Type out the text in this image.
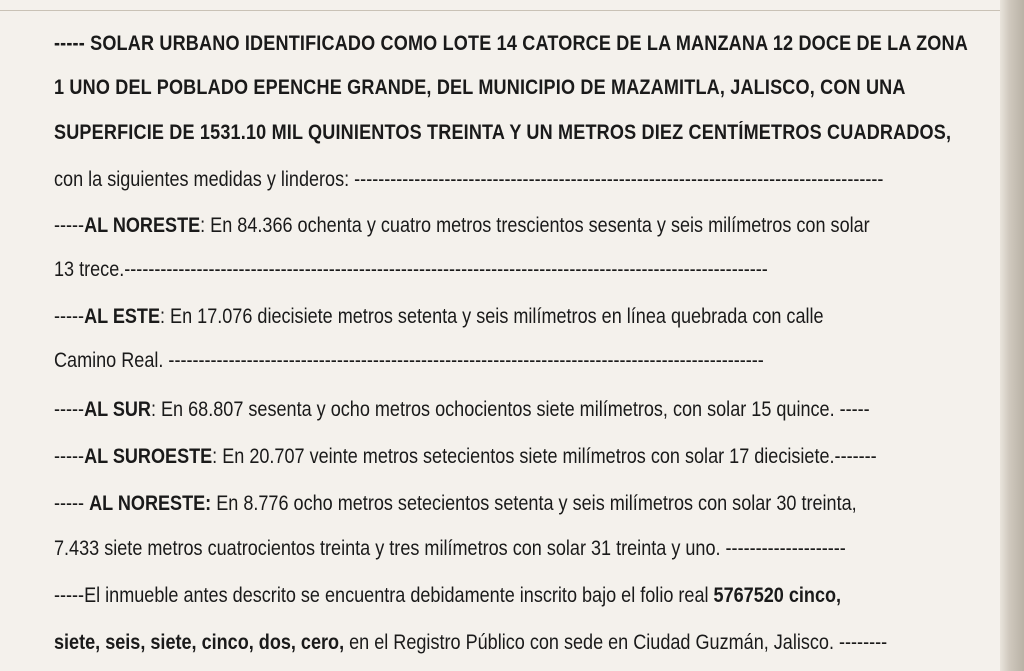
----- SOLAR URBANO IDENTIFICADO COMO LOTE 14 CATORCE DE LA MANZANA 12 DOCE DE LA ZONA
1 UNO DEL POBLADO EPENCHE GRANDE, DEL MUNICIPIO DE MAZAMITLA, JALISCO, CON UNA
SUPERFICIE DE 1531.10 MIL QUINIENTOS TREINTA Y UN METROS DIEZ CENTÍMETROS CUADRADOS,
con la siguientes medidas y linderos: ----------------------------------------------------------------------------------------
-----AL NORESTE: En 84.366 ochenta y cuatro metros trescientos sesenta y seis milímetros con solar
13 trece.-----------------------------------------------------------------------------------------------------------
-----AL ESTE: En 17.076 diecisiete metros setenta y seis milímetros en línea quebrada con calle
Camino Real. ---------------------------------------------------------------------------------------------------
-----AL SUR: En 68.807 sesenta y ocho metros ochocientos siete milímetros, con solar 15 quince. -----
-----AL SUROESTE: En 20.707 veinte metros setecientos siete milímetros con solar 17 diecisiete.-------
----- AL NORESTE: En 8.776 ocho metros setecientos setenta y seis milímetros con solar 30 treinta,
7.433 siete metros cuatrocientos treinta y tres milímetros con solar 31 treinta y uno. --------------------
-----El inmueble antes descrito se encuentra debidamente inscrito bajo el folio real 5767520 cinco,
siete, seis, siete, cinco, dos, cero, en el Registro Público con sede en Ciudad Guzmán, Jalisco. --------
